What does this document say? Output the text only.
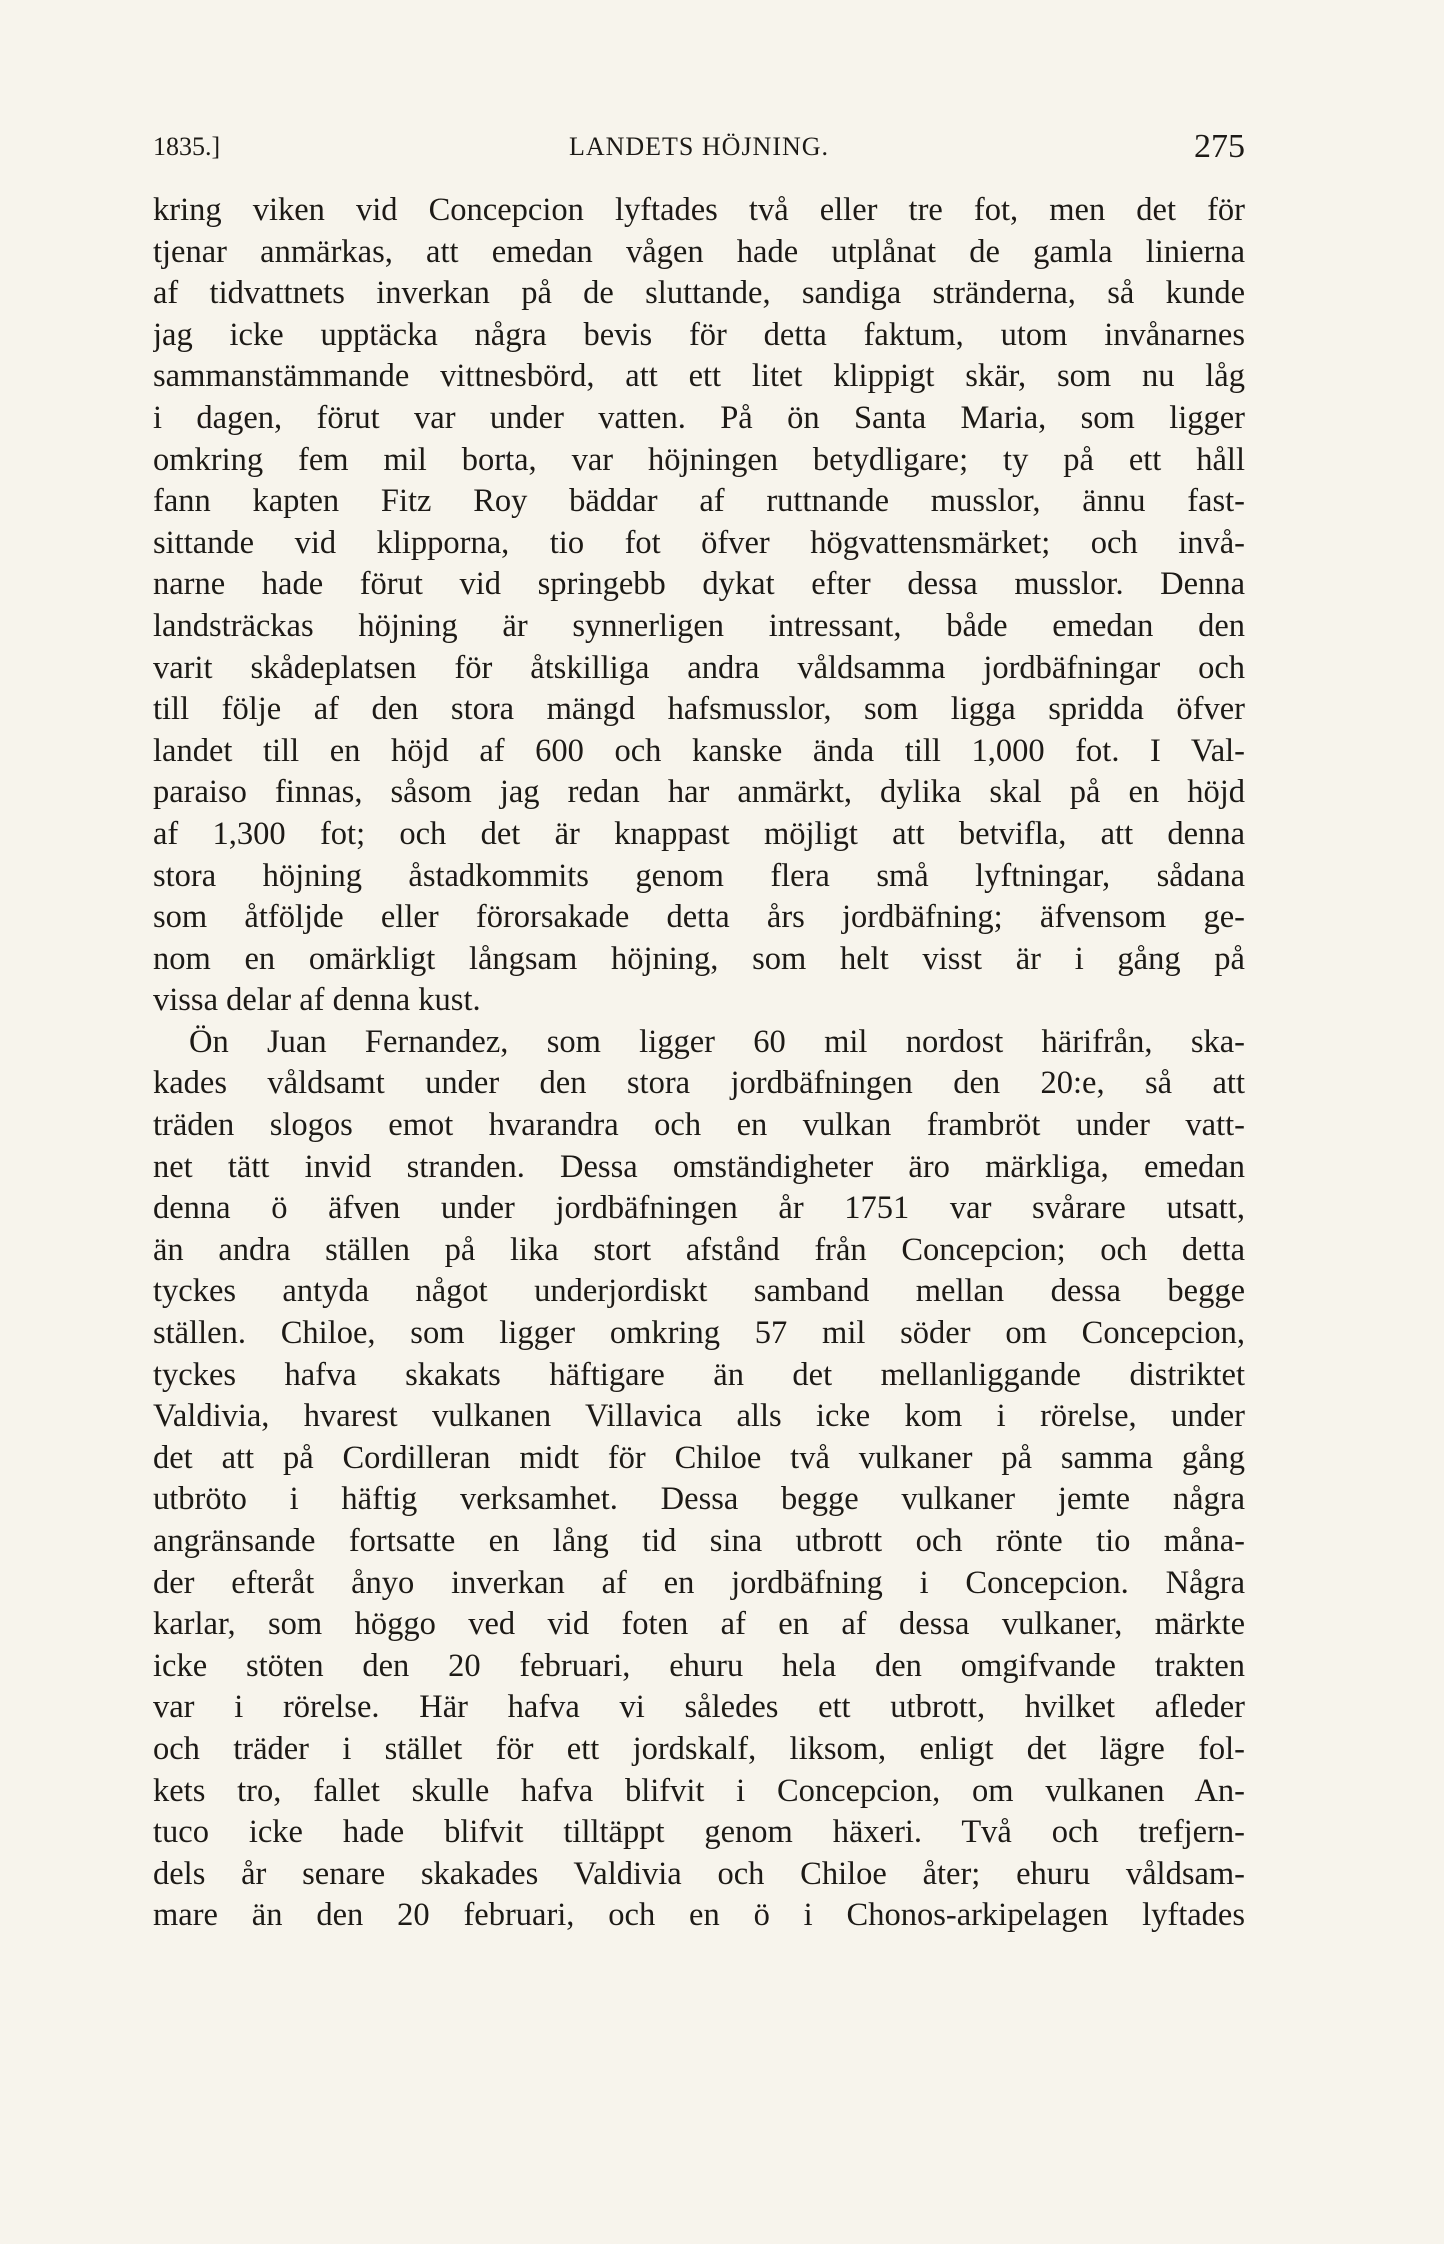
1835.]	LANDETS HÖJNING.	275
kring viken vid Concepcion lyftades två eller tre fot, men det för
tjenar anmärkas, att emedan vågen hade utplånat de gamla linierna
af tidvattnets inverkan på de sluttande, sandiga stränderna, så kunde
jag icke upptäcka några bevis för detta faktum, utom invånarnes
sammanstämmande vittnesbörd, att ett litet klippigt skär, som nu låg
i dagen, förut var under vatten. På ön Santa Maria, som ligger
omkring fem mil borta, var höjningen betydligare; ty på ett håll
fann kapten Fitz Roy bäddar af ruttnande musslor, ännu fast-
sittande vid klipporna, tio fot öfver högvattensmärket; och invå-
narne hade förut vid springebb dykat efter dessa musslor. Denna
landsträckas höjning är synnerligen intressant, både emedan den
varit skådeplatsen för åtskilliga andra våldsamma jordbäfningar och
till följe af den stora mängd hafsmusslor, som ligga spridda öfver
landet till en höjd af 600 och kanske ända till 1,000 fot. I Val-
paraiso finnas, såsom jag redan har anmärkt, dylika skal på en höjd
af 1,300 fot; och det är knappast möjligt att betvifla, att denna
stora höjning åstadkommits genom flera små lyftningar, sådana
som åtföljde eller förorsakade detta års jordbäfning; äfvensom ge-
nom en omärkligt långsam höjning, som helt visst är i gång på
vissa delar af denna kust.
Ön Juan Fernandez, som ligger 60 mil nordost härifrån, ska-
kades våldsamt under den stora jordbäfningen den 20:e, så att
träden slogos emot hvarandra och en vulkan frambröt under vatt-
net tätt invid stranden. Dessa omständigheter äro märkliga, emedan
denna ö äfven under jordbäfningen år 1751 var svårare utsatt,
än andra ställen på lika stort afstånd från Concepcion; och detta
tyckes antyda något underjordiskt samband mellan dessa begge
ställen. Chiloe, som ligger omkring 57 mil söder om Concepcion,
tyckes hafva skakats häftigare än det mellanliggande distriktet
Valdivia, hvarest vulkanen Villavica alls icke kom i rörelse, under
det att på Cordilleran midt för Chiloe två vulkaner på samma gång
utbröto i häftig verksamhet. Dessa begge vulkaner jemte några
angränsande fortsatte en lång tid sina utbrott och rönte tio måna-
der efteråt ånyo inverkan af en jordbäfning i Concepcion. Några
karlar, som höggo ved vid foten af en af dessa vulkaner, märkte
icke stöten den 20 februari, ehuru hela den omgifvande trakten
var i rörelse. Här hafva vi således ett utbrott, hvilket afleder
och träder i stället för ett jordskalf, liksom, enligt det lägre fol-
kets tro, fallet skulle hafva blifvit i Concepcion, om vulkanen An-
tuco icke hade blifvit tilltäppt genom häxeri. Två och trefjern-
dels år senare skakades Valdivia och Chiloe åter; ehuru våldsam-
mare än den 20 februari, och en ö i Chonos-arkipelagen lyftades
